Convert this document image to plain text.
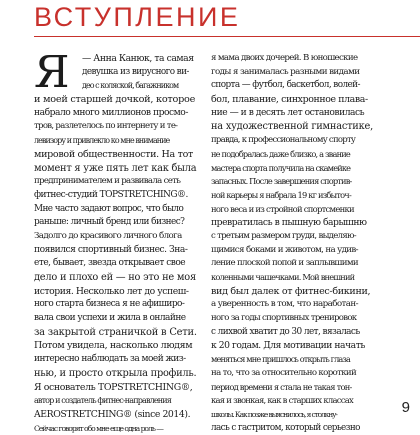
ВСТУПЛЕНИЕ
Я	— Анна Канюк, та самая
девушка из вирусного ви-
део с коляской, багажником
и моей старшей дочкой, которое
набрало много миллионов просмо-
тров, разлетелось по интернету и те-
левизору и привлекло ко мне внимание
мировой общественности. На тот
момент я уже пять лет как была
предпринимателем и развивала сеть
фитнес-студий TOPSTRETCHING®.
Мне часто задают вопрос, что было
раньше: личный бренд или бизнес?
Задолго до красивого личного блога
появился спортивный бизнес. Зна-
ете, бывает, звезда открывает свое
дело и плохо ей — но это не моя
история. Несколько лет до успеш-
ного старта бизнеса я не афиширо-
вала свои успехи и жила в онлайне
за закрытой страничкой в Сети.
Потом увидела, насколько людям
интересно наблюдать за моей жиз-
нью, и просто открыла профиль.
Я основатель TOPSTRETCHING®,
автор и создатель фитнес-направления
AEROSTRETCHING® (since 2014).
Сейчас говорят обо мне еще одна роль —
я мама двоих дочерей. В юношеские
годы я занималась разными видами
спорта — футбол, баскетбол, волей-
бол, плавание, синхронное плава-
ние — и в десять лет остановилась
на художественной гимнастике,
правда, к профессиональному спорту
не подобралась даже близко, а звание
мастера спорта получила на скамейке
запасных. После завершения спортив-
ной карьеры я набрала 19 кг избыточ-
ного веса и из стройной спортсменки
превратилась в пышную барышню
с третьим размером груди, выделяю-
щимися боками и животом, на удив-
ление плоской попой и заплывшими
коленными чашечками. Мой внешний
вид был далек от фитнес-бикини,
а уверенность в том, что наработан-
ного за годы спортивных тренировок
с лихвой хватит до 30 лет, вязалась
к 20 годам. Для мотивации начать
меняться мне пришлось открыть глаза
на то, что за относительно короткий
период времени я стала не такая тон-
кая и звонкая, как в старших классах
школы. Как позже выяснилось, я столкну-
лась с гастритом, который серьезно
9
